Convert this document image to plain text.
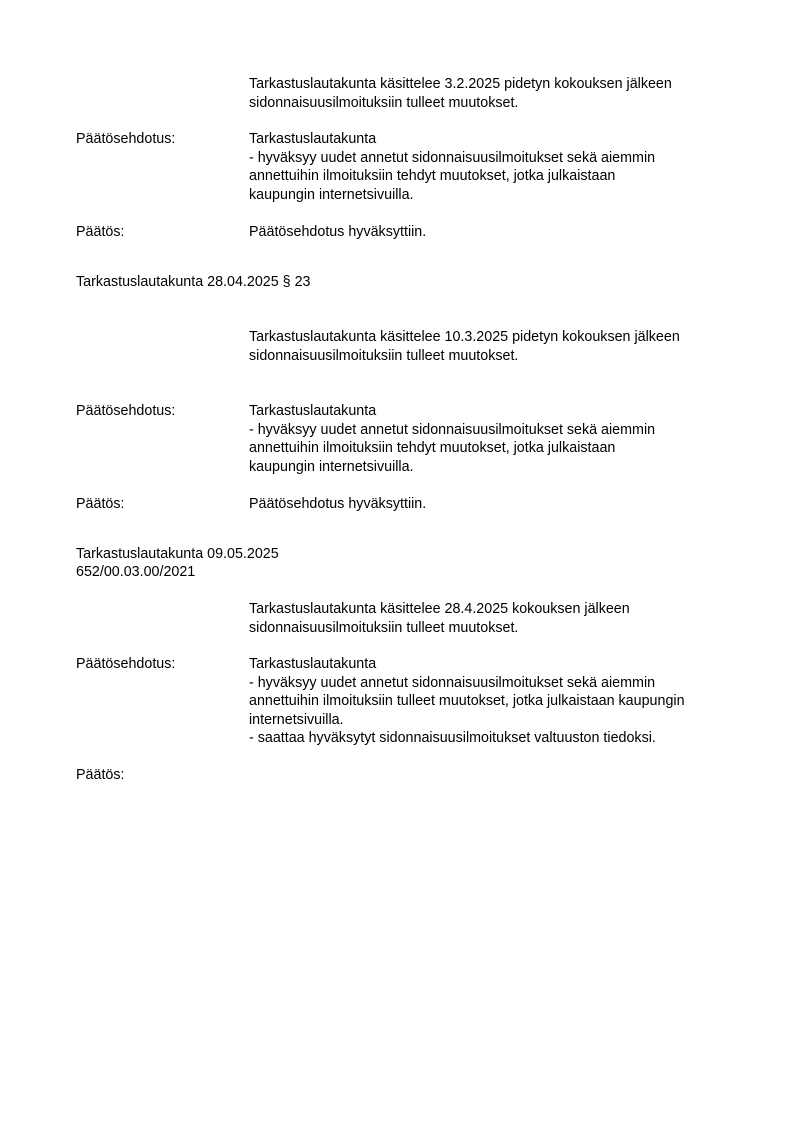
Tarkastuslautakunta käsittelee 3.2.2025 pidetyn kokouksen jälkeen
sidonnaisuusilmoituksiin tulleet muutokset.
Päätösehdotus:	Tarkastuslautakunta
- hyväksyy uudet annetut sidonnaisuusilmoitukset sekä aiemmin
annettuihin ilmoituksiin tehdyt muutokset, jotka julkaistaan
kaupungin internetsivuilla.
Päätös:	Päätösehdotus hyväksyttiin.
Tarkastuslautakunta 28.04.2025 § 23
Tarkastuslautakunta käsittelee 10.3.2025 pidetyn kokouksen jälkeen
sidonnaisuusilmoituksiin tulleet muutokset.
Päätösehdotus:	Tarkastuslautakunta
- hyväksyy uudet annetut sidonnaisuusilmoitukset sekä aiemmin
annettuihin ilmoituksiin tehdyt muutokset, jotka julkaistaan
kaupungin internetsivuilla.
Päätös:	Päätösehdotus hyväksyttiin.
Tarkastuslautakunta 09.05.2025
652/00.03.00/2021
Tarkastuslautakunta käsittelee 28.4.2025 kokouksen jälkeen
sidonnaisuusilmoituksiin tulleet muutokset.
Päätösehdotus:	Tarkastuslautakunta
- hyväksyy uudet annetut sidonnaisuusilmoitukset sekä aiemmin
annettuihin ilmoituksiin tulleet muutokset, jotka julkaistaan kaupungin
internetsivuilla.
- saattaa hyväksytyt sidonnaisuusilmoitukset valtuuston tiedoksi.
Päätös:
